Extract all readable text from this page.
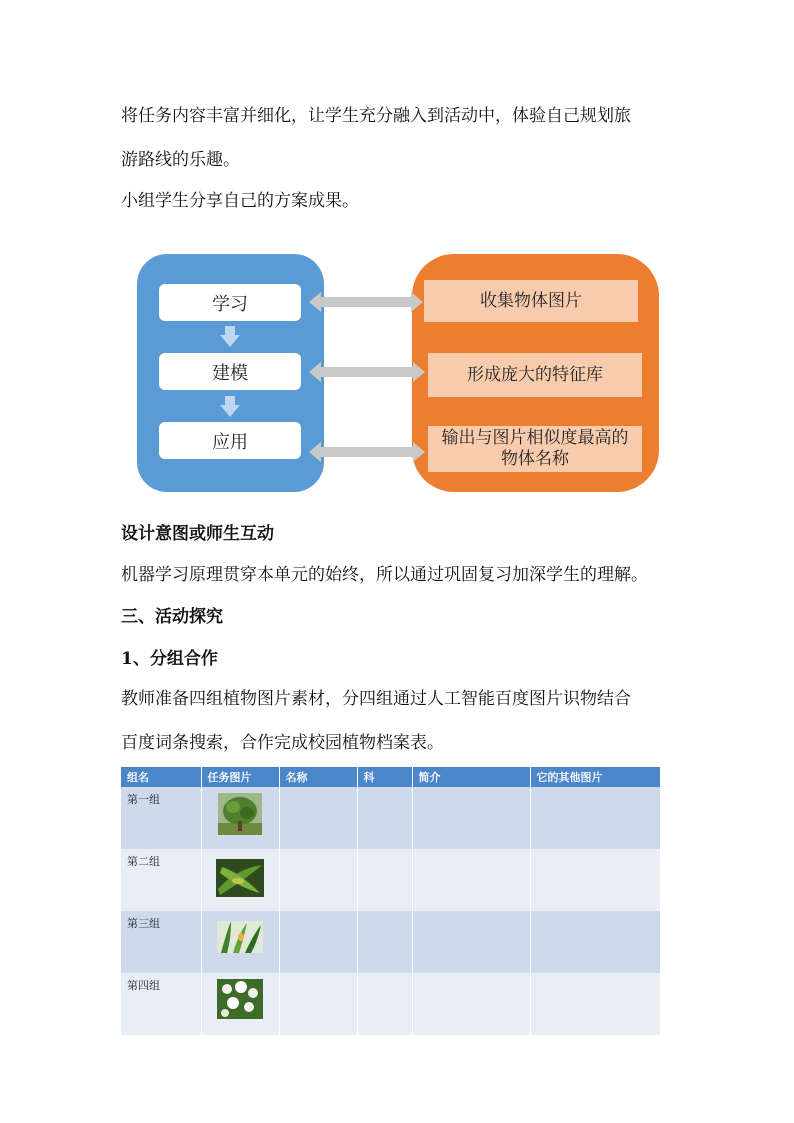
将任务内容丰富并细化，让学生充分融入到活动中，体验自己规划旅
游路线的乐趣。
小组学生分享自己的方案成果。
学习
建模
应用
收集物体图片
形成庞大的特征库
输出与图片相似度最高的物体名称
设计意图或师生互动
机器学习原理贯穿本单元的始终，所以通过巩固复习加深学生的理解。
三、活动探究
1、分组合作
教师准备四组植物图片素材，分四组通过人工智能百度图片识物结合
百度词条搜索，合作完成校园植物档案表。
组名	任务图片	名称	科	简介	它的其他图片
第一组	

第二组	

第三组	

第四组	
